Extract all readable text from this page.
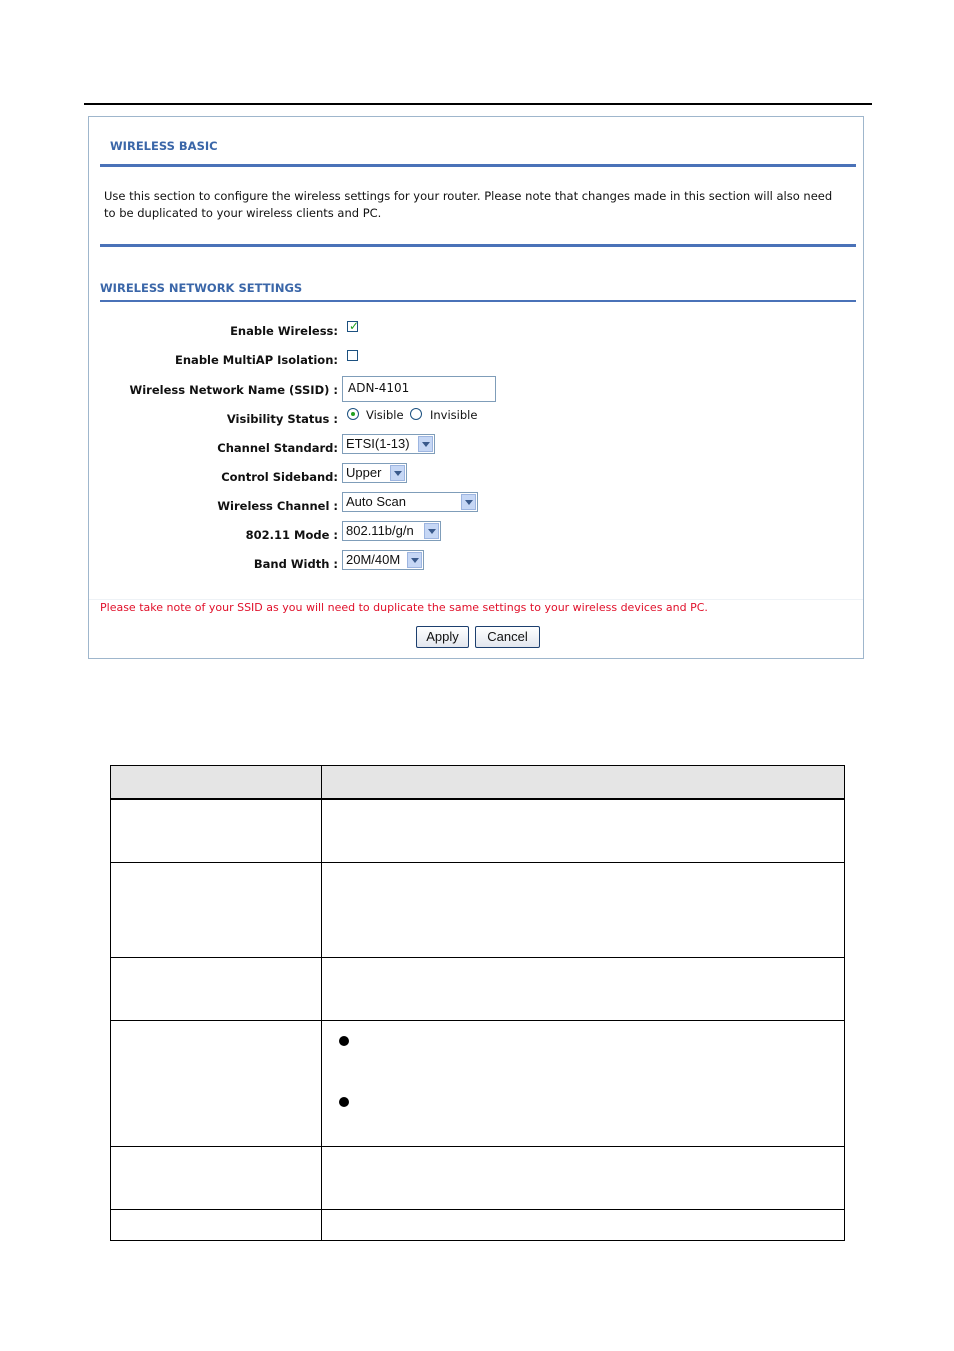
WIRELESS BASIC
Use this section to configure the wireless settings for your router. Please note that changes made in this section will also need to be duplicated to your wireless clients and PC.
WIRELESS NETWORK SETTINGS
Enable Wireless: ✓
Enable MultiAP Isolation:
Wireless Network Name (SSID) : ADN-4101
Visibility Status : Visible Invisible
Channel Standard: ETSI(1-13)
Control Sideband: Upper
Wireless Channel : Auto Scan
802.11 Mode : 802.11b/g/n
Band Width : 20M/40M
Please take note of your SSID as you will need to duplicate the same settings to your wireless devices and PC.
Apply	Cancel
